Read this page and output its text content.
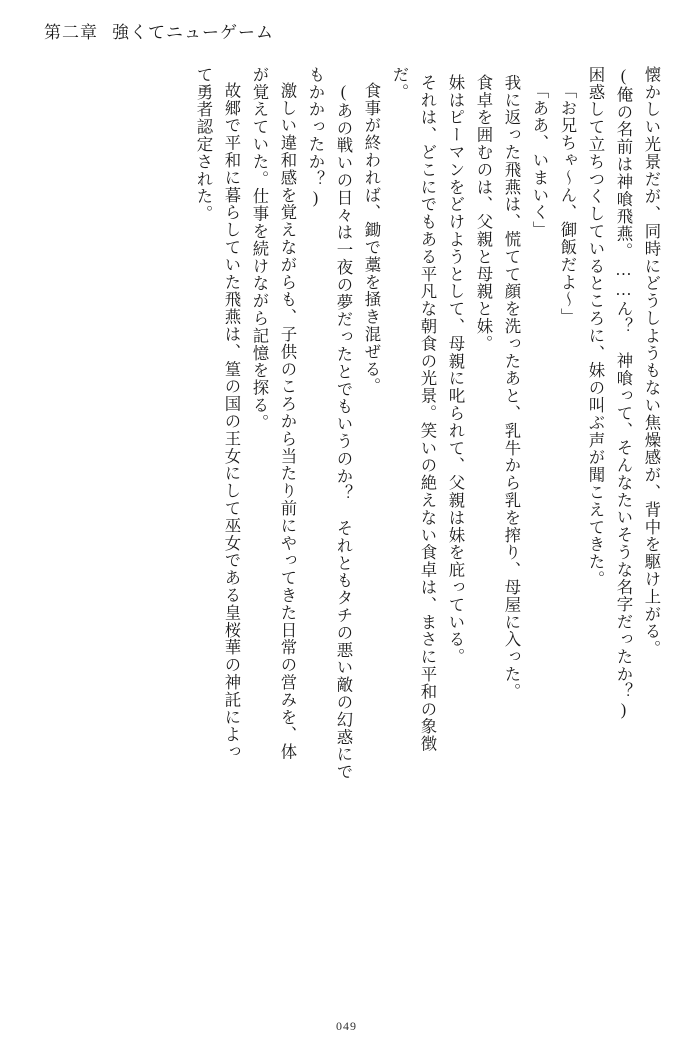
第二章 強くてニューゲーム
懐かしい光景だが、同時にどうしようもない焦燥感が、背中を駆け上がる。
(俺の名前は神喰飛燕。……ん？　神喰って、そんなたいそうな名字だったか？)
困惑して立ちつくしているところに、妹の叫ぶ声が聞こえてきた。
「お兄ちゃ～ん、御飯だよ～」
「ああ、いまいく」
我に返った飛燕は、慌てて顔を洗ったあと、乳牛から乳を搾り、母屋に入った。
食卓を囲むのは、父親と母親と妹。
妹はピーマンをどけようとして、母親に叱られて、父親は妹を庇っている。
それは、どこにでもある平凡な朝食の光景。笑いの絶えない食卓は、まさに平和の象徴
だ。
食事が終われば、鋤で藁を掻き混ぜる。
(あの戦いの日々は一夜の夢だったとでもいうのか？　それともタチの悪い敵の幻惑にで
もかかったか？)
激しい違和感を覚えながらも、子供のころから当たり前にやってきた日常の営みを、体
が覚えていた。仕事を続けながら記憶を探る。
故郷で平和に暮らしていた飛燕は、篁の国の王女にして巫女である皇桜華の神託によっ
て勇者認定された。
049
